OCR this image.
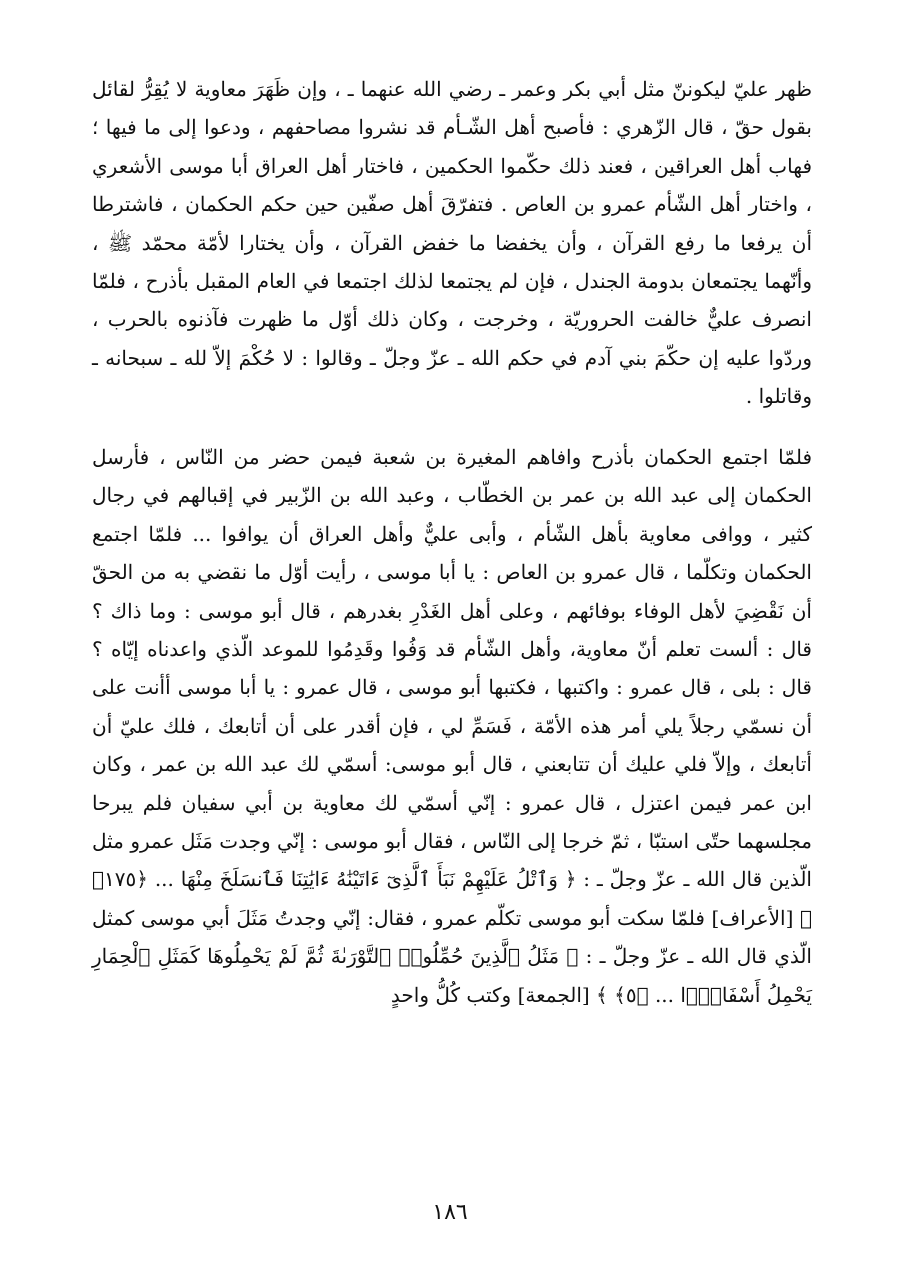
ظهر عليّ ليكوننّ مثل أبي بكر وعمر ـ رضي الله عنهما ـ ، وإن ظَهَرَ معاوية لا يُقِرُّ لقائل بقول حقّ ، قال الزّهري : فأصبح أهل الشّـأم قد نشروا مصاحفهم ، ودعوا إلى ما فيها ؛ فهاب أهل العراقين ، فعند ذلك حكّموا الحكمين ، فاختار أهل العراق أبا موسى الأشعري ، واختار أهل الشّأم عمرو بن العاص . فتفرّقَ أهل صفّين حين حكم الحكمان ، فاشترطا أن يرفعا ما رفع القرآن ، وأن يخفضا ما خفض القرآن ، وأن يختارا لأمّة محمّد ﷺ ، وأنّهما يجتمعان بدومة الجندل ، فإن لم يجتمعا لذلك اجتمعا في العام المقبل بأذرح ، فلمّا انصرف عليٌّ خالفت الحروريّة ، وخرجت ، وكان ذلك أوّل ما ظهرت فآذنوه بالحرب ، وردّوا عليه إن حكّمَ بني آدم في حكم الله ـ عزّ وجلّ ـ وقالوا : لا حُكْمَ إلاّ لله ـ سبحانه ـ وقاتلوا .
فلمّا اجتمع الحكمان بأذرح وافاهم المغيرة بن شعبة فيمن حضر من النّاس ، فأرسل الحكمان إلى عبد الله بن عمر بن الخطّاب ، وعبد الله بن الزّبير في إقبالهم في رجال كثير ، ووافى معاوية بأهل الشّأم ، وأبى عليٌّ وأهل العراق أن يوافوا ... فلمّا اجتمع الحكمان وتكلّما ، قال عمرو بن العاص : يا أبا موسى ، رأيت أوّل ما نقضي به من الحقّ أن نَقْضِيَ لأهل الوفاء بوفائهم ، وعلى أهل الغَدْرِ بغدرهم ، قال أبو موسى : وما ذاك ؟ قال : ألست تعلم أنّ معاوية، وأهل الشّأم قد وَفُوا وقَدِمُوا للموعد الّذي واعدناه إيّاه ؟ قال : بلى ، قال عمرو : واكتبها ، فكتبها أبو موسى ، قال عمرو : يا أبا موسى أأنت على أن نسمّي رجلاً يلي أمر هذه الأمّة ، فَسَمِّ لي ، فإن أقدر على أن أتابعك ، فلك عليّ أن أتابعك ، وإلاّ فلي عليك أن تتابعني ، قال أبو موسى: أسمّي لك عبد الله بن عمر ، وكان ابن عمر فيمن اعتزل ، قال عمرو : إنّي أسمّي لك معاوية بن أبي سفيان فلم يبرحا مجلسهما حتّى استبّا ، ثمّ خرجا إلى النّاس ، فقال أبو موسى : إنّي وجدت مَثَل عمرو مثل الّذين قال الله ـ عزّ وجلّ ـ : ﴿ وَٱتْلُ عَلَيْهِمْ نَبَأَ ٱلَّذِىٓ ءَاتَيْنَٰهُ ءَايَٰتِنَا فَٱنسَلَخَ مِنْهَا ... ﴿١٧٥﴾ ﴾ [الأعراف] فلمّا سكت أبو موسى تكلّم عمرو ، فقال: إنّي وجدتُ مَثَلَ أبي موسى كمثل الّذي قال الله ـ عزّ وجلّ ـ : ﴿ مَثَلُ ٱلَّذِينَ حُمِّلُوا۟ ٱلتَّوْرَىٰةَ ثُمَّ لَمْ يَحْمِلُوهَا كَمَثَلِ ٱلْحِمَارِ يَحْمِلُ أَسْفَارًۢا ... ﴿٥﴾ ﴾ [الجمعة] وكتب كُلُّ واحدٍ
١٨٦
